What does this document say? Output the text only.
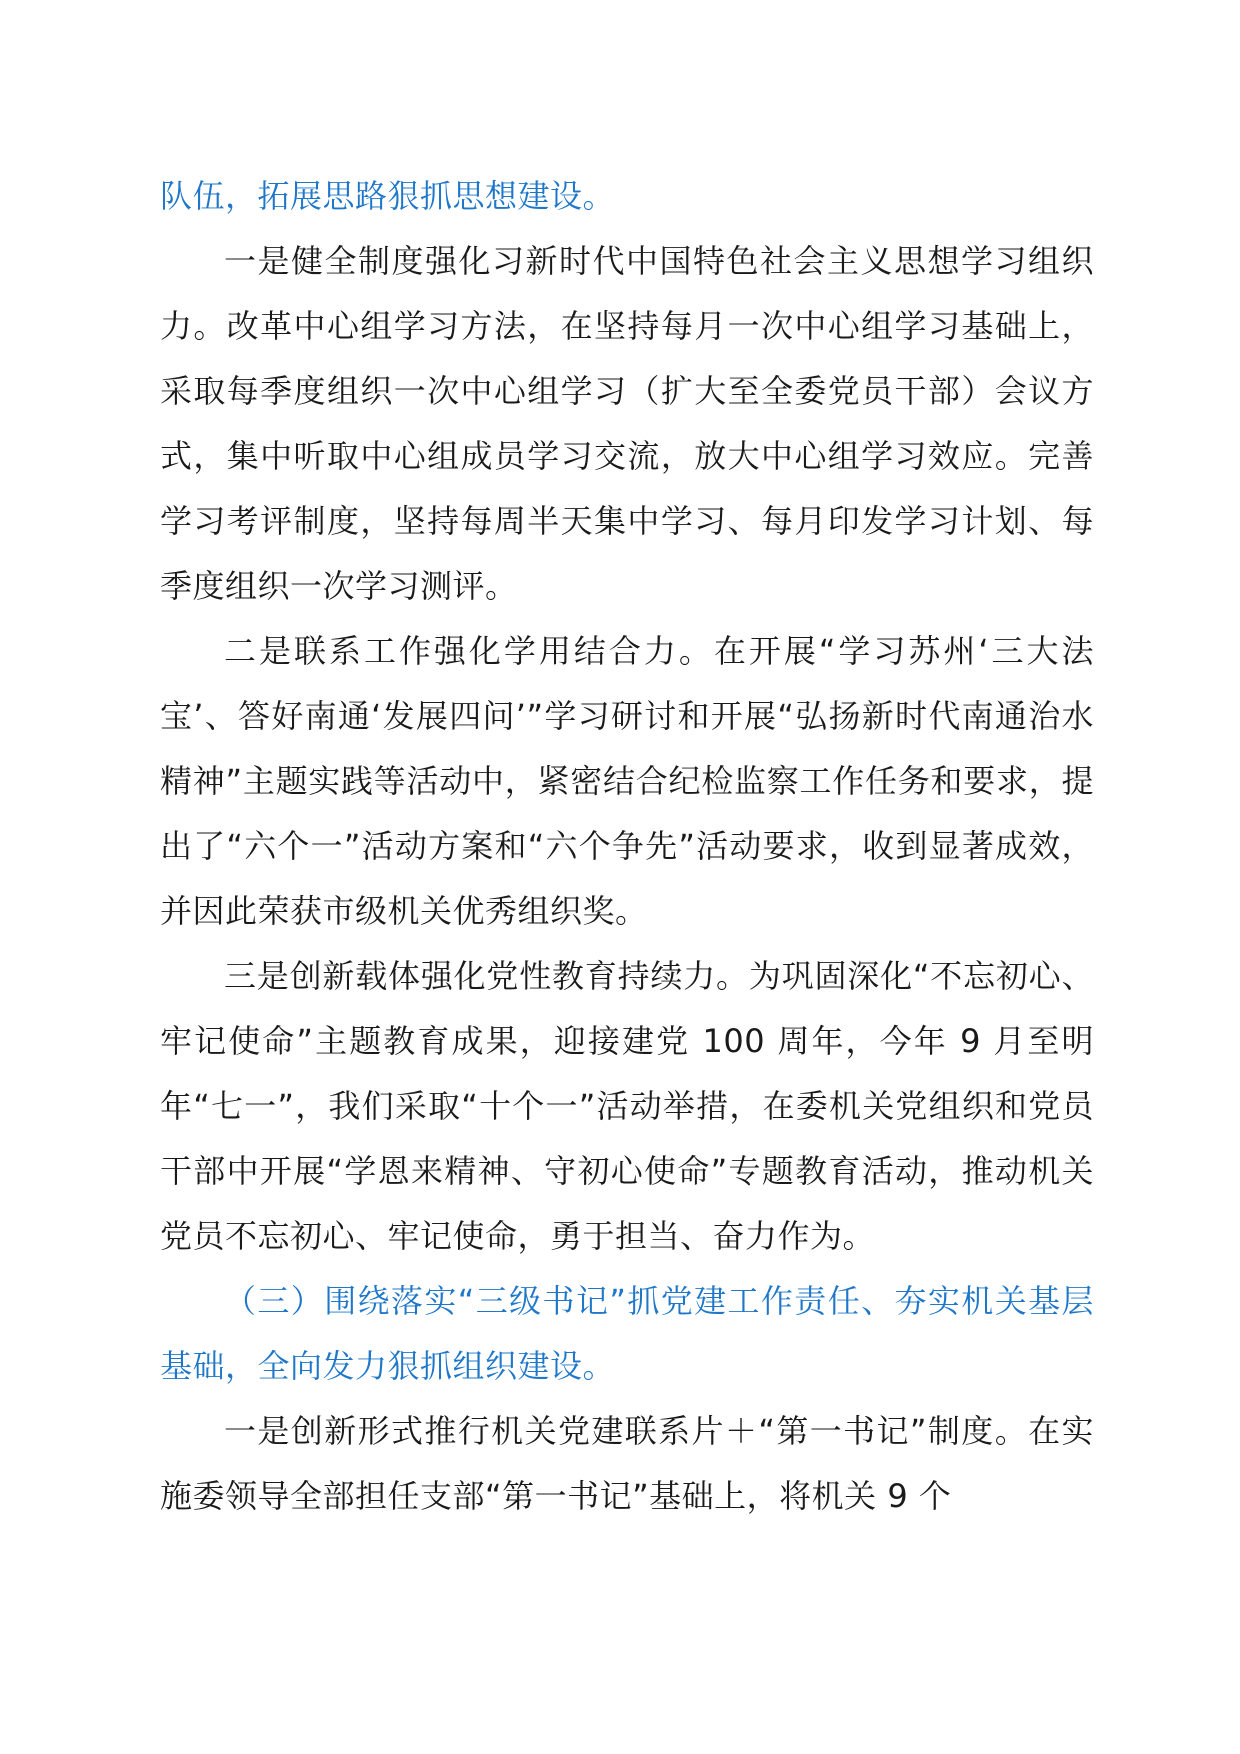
队伍，拓展思路狠抓思想建设。

一是健全制度强化习新时代中国特色社会主义思想学习组织力。改革中心组学习方法，在坚持每月一次中心组学习基础上，采取每季度组织一次中心组学习（扩大至全委党员干部）会议方式，集中听取中心组成员学习交流，放大中心组学习效应。完善学习考评制度，坚持每周半天集中学习、每月印发学习计划、每季度组织一次学习测评。

二是联系工作强化学用结合力。在开展“学习苏州‘三大法宝’、答好南通‘发展四问’”学习研讨和开展“弘扬新时代南通治水精神”主题实践等活动中，紧密结合纪检监察工作任务和要求，提出了“六个一”活动方案和“六个争先”活动要求，收到显著成效，并因此荣获市级机关优秀组织奖。

三是创新载体强化党性教育持续力。为巩固深化“不忘初心、牢记使命”主题教育成果，迎接建党 100 周年，今年 9 月至明年“七一”，我们采取“十个一”活动举措，在委机关党组织和党员干部中开展“学恩来精神、守初心使命”专题教育活动，推动机关党员不忘初心、牢记使命，勇于担当、奋力作为。

（三）围绕落实“三级书记”抓党建工作责任、夯实机关基层基础，全向发力狠抓组织建设。

一是创新形式推行机关党建联系片＋“第一书记”制度。在实施委领导全部担任支部“第一书记”基础上，将机关 9 个
